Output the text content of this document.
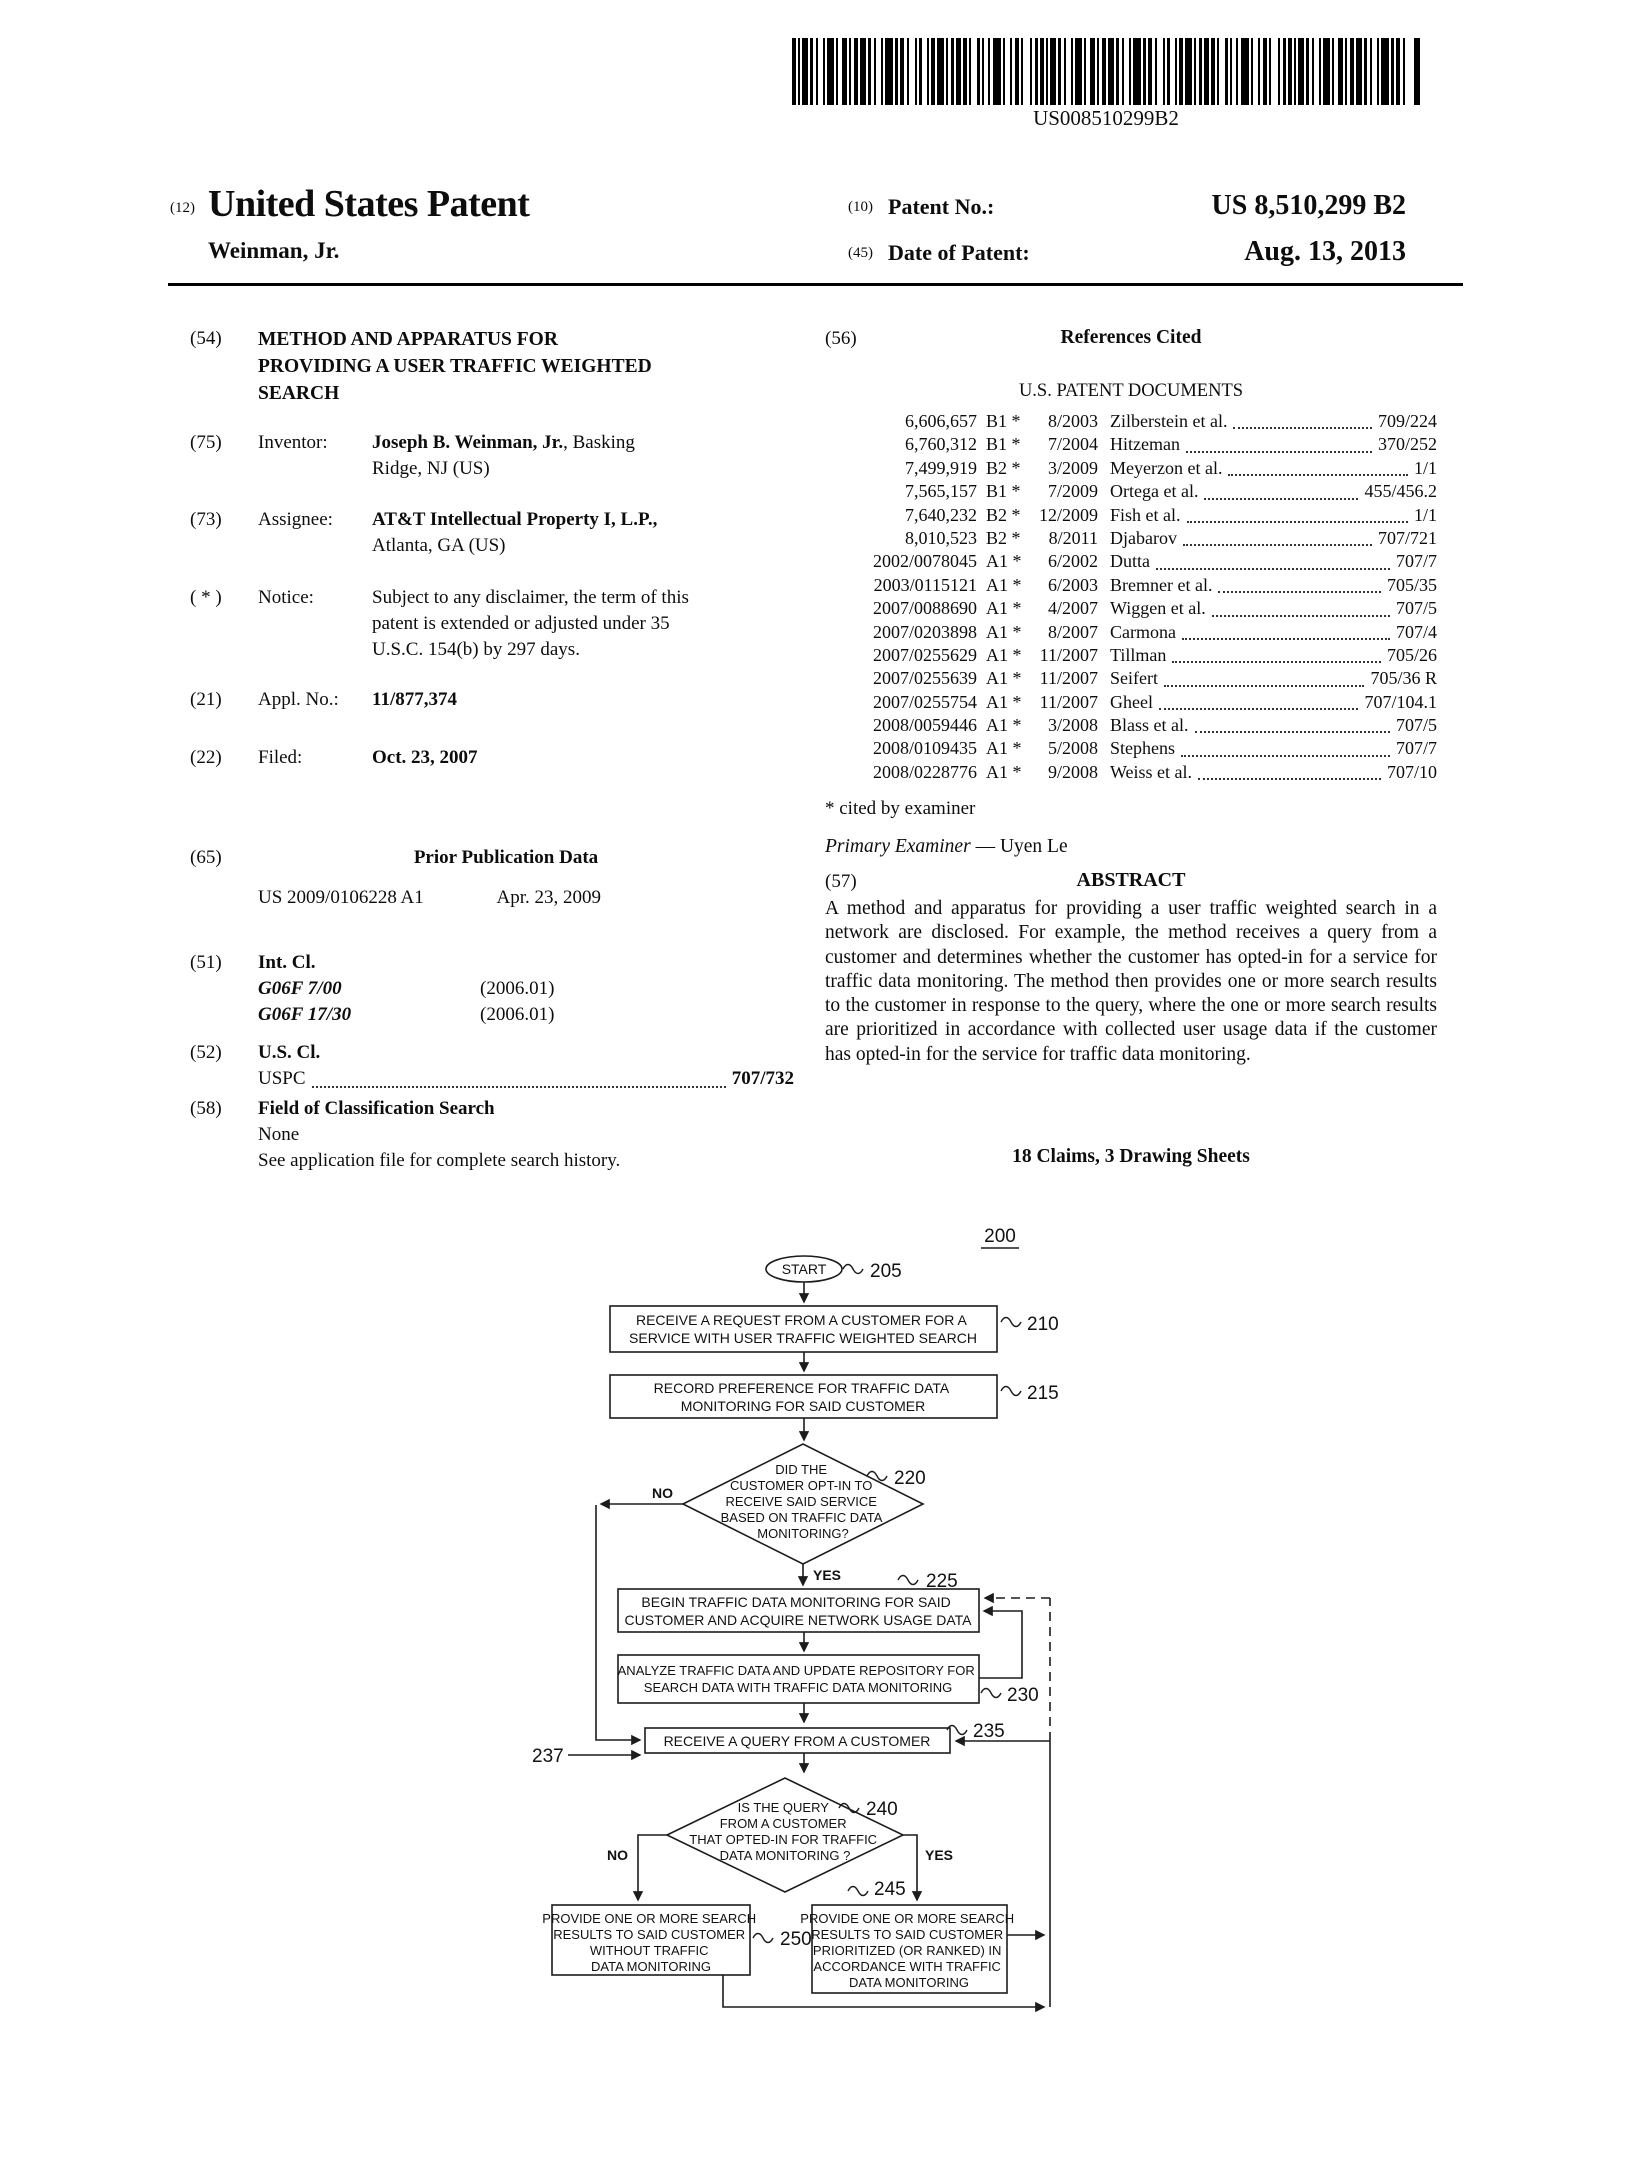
US008510299B2
(12) United States Patent
Weinman, Jr.
(10) Patent No.:	US 8,510,299 B2
(45) Date of Patent:	Aug. 13, 2013
(54) METHOD AND APPARATUS FOR
PROVIDING A USER TRAFFIC WEIGHTED
SEARCH
(75) Inventor: Joseph B. Weinman, Jr., Basking
Ridge, NJ (US)
(73) Assignee: AT&T Intellectual Property I, L.P.,
Atlanta, GA (US)
( * ) Notice:	Subject to any disclaimer, the term of this
patent is extended or adjusted under 35
U.S.C. 154(b) by 297 days.
(21) Appl. No.: 11/877,374
(22) Filed:	Oct. 23, 2007
(65)	Prior Publication Data
US 2009/0106228 A1	Apr. 23, 2009
(51) Int. Cl.
G06F 7/00	(2006.01)
G06F 17/30	(2006.01)
(52) U.S. Cl.
USPC	707/732
(58) Field of Classification Search
None
See application file for complete search history.
(56)	References Cited
U.S. PATENT DOCUMENTS
6,606,657 B1 *	8/2003 Zilberstein et al.	709/224
6,760,312 B1 *	7/2004 Hitzeman	370/252
7,499,919 B2 *	3/2009 Meyerzon et al.	1/1
7,565,157 B1 *	7/2009 Ortega et al.	455/456.2
7,640,232 B2 *	12/2009 Fish et al.	1/1
8,010,523 B2 *	8/2011 Djabarov	707/721
2002/0078045 A1 *	6/2002 Dutta	707/7
2003/0115121 A1 *	6/2003 Bremner et al.	705/35
2007/0088690 A1 *	4/2007 Wiggen et al.	707/5
2007/0203898 A1 *	8/2007 Carmona	707/4
2007/0255629 A1 *	11/2007 Tillman	705/26
2007/0255639 A1 *	11/2007 Seifert	705/36 R
2007/0255754 A1 *	11/2007 Gheel	707/104.1
2008/0059446 A1 *	3/2008 Blass et al.	707/5
2008/0109435 A1 *	5/2008 Stephens	707/7
2008/0228776 A1 *	9/2008 Weiss et al.	707/10
* cited by examiner
Primary Examiner — Uyen Le
(57)	ABSTRACT
A method and apparatus for providing a user traffic weighted search in a network are disclosed. For example, the method receives a query from a customer and determines whether the customer has opted-in for a service for traffic data monitoring. The method then provides one or more search results to the customer in response to the query, where the one or more search results are prioritized in accordance with collected user usage data if the customer has opted-in for the service for traffic data monitoring.
18 Claims, 3 Drawing Sheets
200
START
RECEIVE A REQUEST FROM A CUSTOMER FOR A SERVICE WITH USER TRAFFIC WEIGHTED SEARCH
RECORD PREFERENCE FOR TRAFFIC DATA MONITORING FOR SAID CUSTOMER
DID THE CUSTOMER OPT-IN TO RECEIVE SAID SERVICE BASED ON TRAFFIC DATA MONITORING?
BEGIN TRAFFIC DATA MONITORING FOR SAID CUSTOMER AND ACQUIRE NETWORK USAGE DATA
ANALYZE TRAFFIC DATA AND UPDATE REPOSITORY FOR SEARCH DATA WITH TRAFFIC DATA MONITORING
RECEIVE A QUERY FROM A CUSTOMER
IS THE QUERY FROM A CUSTOMER THAT OPTED-IN FOR TRAFFIC DATA MONITORING ?
PROVIDE ONE OR MORE SEARCH RESULTS TO SAID CUSTOMER WITHOUT TRAFFIC DATA MONITORING
PROVIDE ONE OR MORE SEARCH RESULTS TO SAID CUSTOMER PRIORITIZED (OR RANKED) IN ACCORDANCE WITH TRAFFIC DATA MONITORING
NO
YES
NO	YES
205
210
215
220
225
230
235
237
240
245
250
